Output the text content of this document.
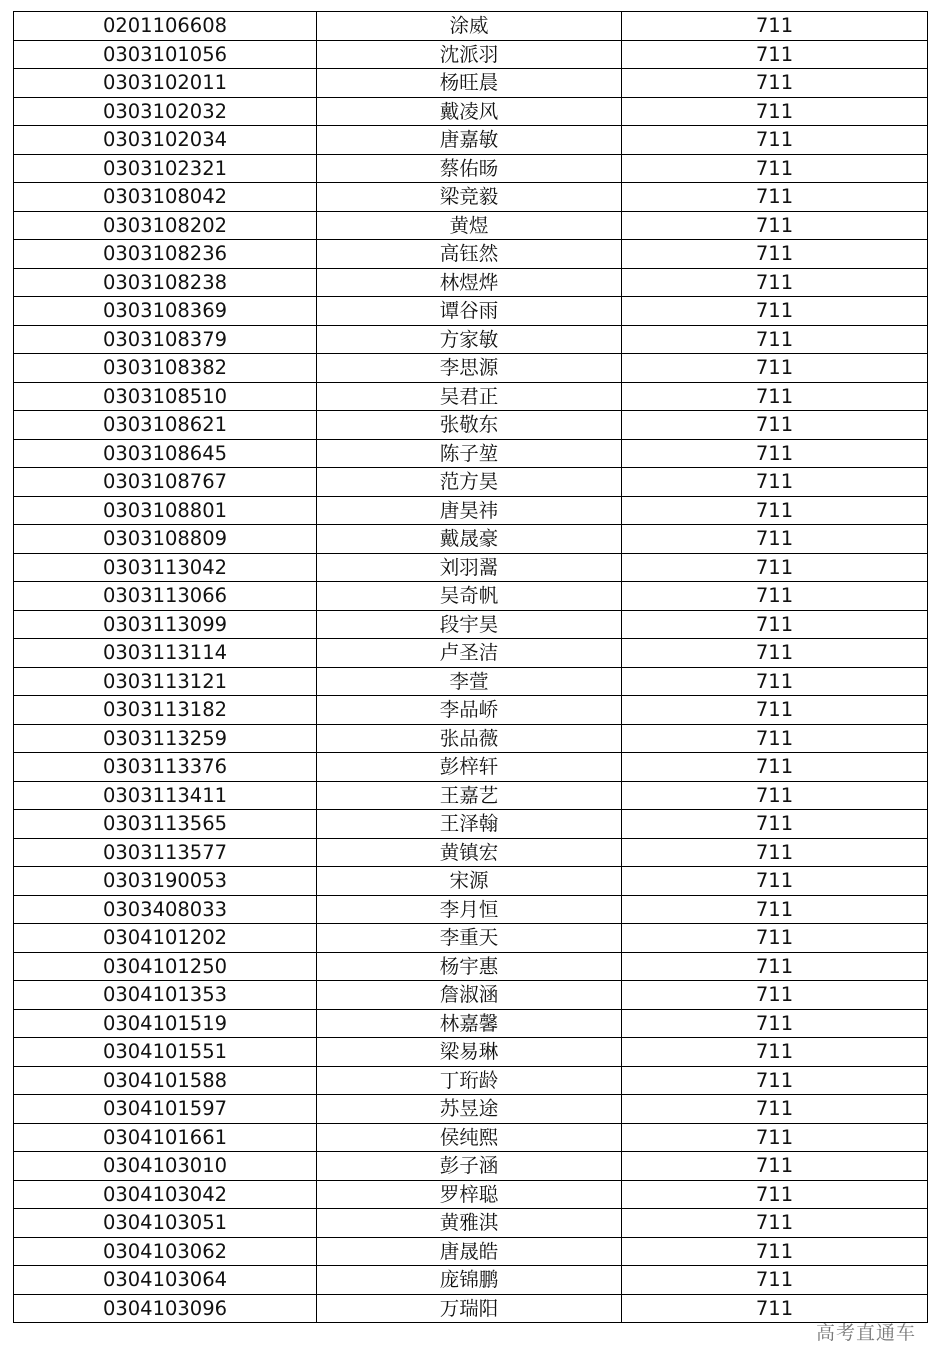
0201106608	涂威	711
0303101056	沈派羽	711
0303102011	杨旺晨	711
0303102032	戴凌风	711
0303102034	唐嘉敏	711
0303102321	蔡佑旸	711
0303108042	梁竞毅	711
0303108202	黄煜	711
0303108236	高钰然	711
0303108238	林煜烨	711
0303108369	谭谷雨	711
0303108379	方家敏	711
0303108382	李思源	711
0303108510	吴君正	711
0303108621	张敬东	711
0303108645	陈子堃	711
0303108767	范方昊	711
0303108801	唐昊祎	711
0303108809	戴晟豪	711
0303113042	刘羽翯	711
0303113066	吴奇帆	711
0303113099	段宇昊	711
0303113114	卢圣洁	711
0303113121	李萱	711
0303113182	李品峤	711
0303113259	张品薇	711
0303113376	彭梓轩	711
0303113411	王嘉艺	711
0303113565	王泽翰	711
0303113577	黄镇宏	711
0303190053	宋源	711
0303408033	李月恒	711
0304101202	李重天	711
0304101250	杨宇惠	711
0304101353	詹淑涵	711
0304101519	林嘉馨	711
0304101551	梁易琳	711
0304101588	丁珩龄	711
0304101597	苏昱途	711
0304101661	侯纯熙	711
0304103010	彭子涵	711
0304103042	罗梓聪	711
0304103051	黄雅淇	711
0304103062	唐晟皓	711
0304103064	庞锦鹏	711
0304103096	万瑞阳	711
高考直通车
